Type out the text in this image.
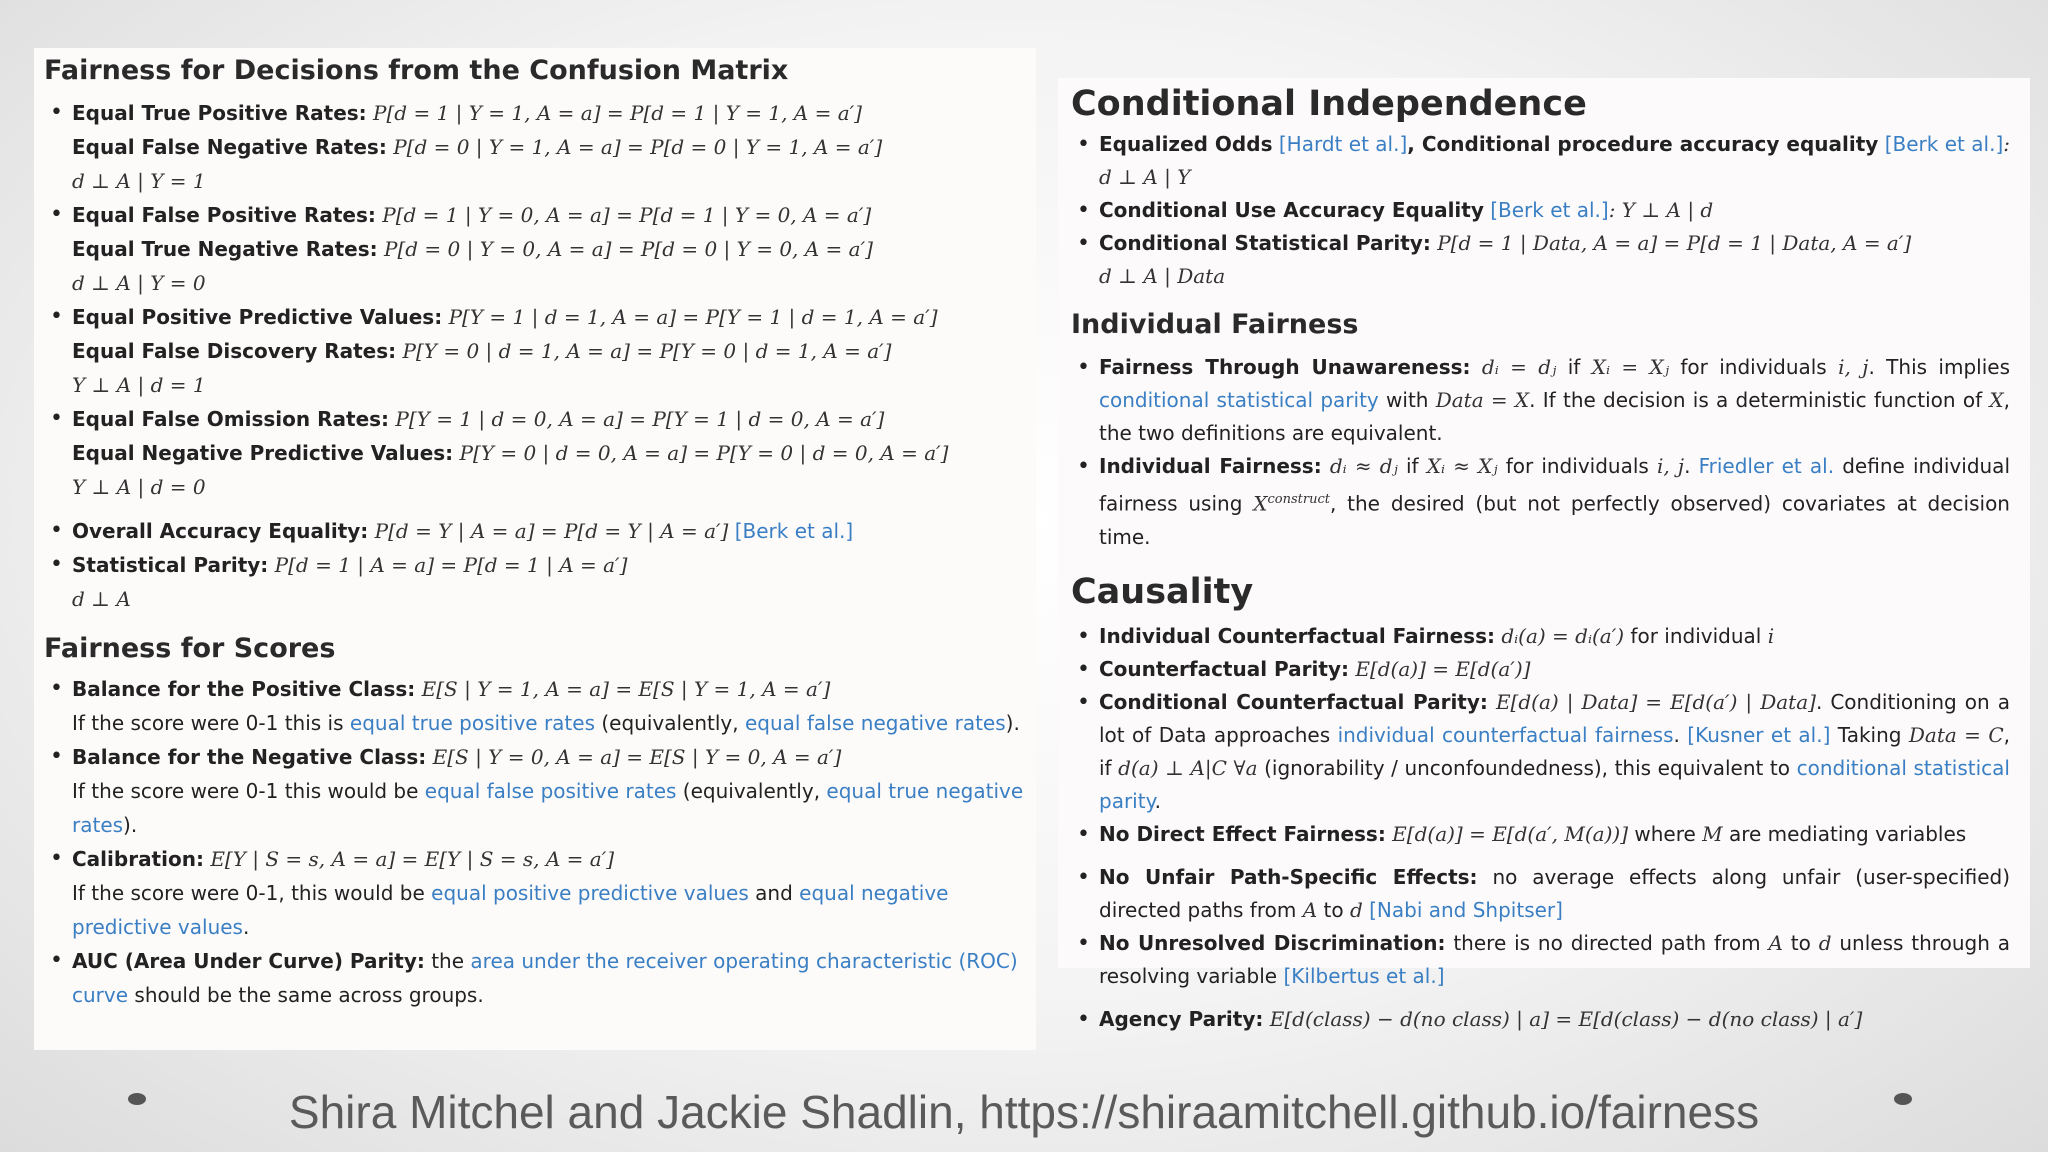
Fairness for Decisions from the Confusion Matrix
• Equal True Positive Rates: P[d = 1 | Y = 1, A = a] = P[d = 1 | Y = 1, A = a′]
Equal False Negative Rates: P[d = 0 | Y = 1, A = a] = P[d = 0 | Y = 1, A = a′]
d ⊥ A | Y = 1
• Equal False Positive Rates: P[d = 1 | Y = 0, A = a] = P[d = 1 | Y = 0, A = a′]
Equal True Negative Rates: P[d = 0 | Y = 0, A = a] = P[d = 0 | Y = 0, A = a′]
d ⊥ A | Y = 0
• Equal Positive Predictive Values: P[Y = 1 | d = 1, A = a] = P[Y = 1 | d = 1, A = a′]
Equal False Discovery Rates: P[Y = 0 | d = 1, A = a] = P[Y = 0 | d = 1, A = a′]
Y ⊥ A | d = 1
• Equal False Omission Rates: P[Y = 1 | d = 0, A = a] = P[Y = 1 | d = 0, A = a′]
Equal Negative Predictive Values: P[Y = 0 | d = 0, A = a] = P[Y = 0 | d = 0, A = a′]
Y ⊥ A | d = 0
• Overall Accuracy Equality: P[d = Y | A = a] = P[d = Y | A = a′] [Berk et al.]
• Statistical Parity: P[d = 1 | A = a] = P[d = 1 | A = a′]
d ⊥ A
Fairness for Scores
• Balance for the Positive Class: E[S | Y = 1, A = a] = E[S | Y = 1, A = a′]
If the score were 0-1 this is equal true positive rates (equivalently, equal false negative rates).
• Balance for the Negative Class: E[S | Y = 0, A = a] = E[S | Y = 0, A = a′]
If the score were 0-1 this would be equal false positive rates (equivalently, equal true negative rates).
• Calibration: E[Y | S = s, A = a] = E[Y | S = s, A = a′]
If the score were 0-1, this would be equal positive predictive values and equal negative predictive values.
• AUC (Area Under Curve) Parity: the area under the receiver operating characteristic (ROC) curve should be the same across groups.
Conditional Independence
• Equalized Odds [Hardt et al.], Conditional procedure accuracy equality [Berk et al.]: d ⊥ A | Y
• Conditional Use Accuracy Equality [Berk et al.]: Y ⊥ A | d
• Conditional Statistical Parity: P[d = 1 | Data, A = a] = P[d = 1 | Data, A = a′]
d ⊥ A | Data
Individual Fairness
• Fairness Through Unawareness: dᵢ = dⱼ if Xᵢ = Xⱼ for individuals i, j. This implies conditional statistical parity with Data = X. If the decision is a deterministic function of X, the two definitions are equivalent.
• Individual Fairness: dᵢ ≈ dⱼ if Xᵢ ≈ Xⱼ for individuals i, j. Friedler et al. define individual fairness using $X^{construct}$, the desired (but not perfectly observed) covariates at decision time.
Causality
• Individual Counterfactual Fairness: dᵢ(a) = dᵢ(a′) for individual i
• Counterfactual Parity: E[d(a)] = E[d(a′)]
• Conditional Counterfactual Parity: E[d(a) | Data] = E[d(a′) | Data]. Conditioning on a lot of Data approaches individual counterfactual fairness. [Kusner et al.] Taking Data = C, if d(a) ⊥ A|C ∀a (ignorability / unconfoundedness), this equivalent to conditional statistical parity.
• No Direct Effect Fairness: E[d(a)] = E[d(a′, M(a))] where M are mediating variables
• No Unfair Path-Specific Effects: no average effects along unfair (user-specified) directed paths from A to d [Nabi and Shpitser]
• No Unresolved Discrimination: there is no directed path from A to d unless through a resolving variable [Kilbertus et al.]
• Agency Parity: E[d(class) − d(no class) | a] = E[d(class) − d(no class) | a′]
Shira Mitchel and Jackie Shadlin, https://shiraamitchell.github.io/fairness
